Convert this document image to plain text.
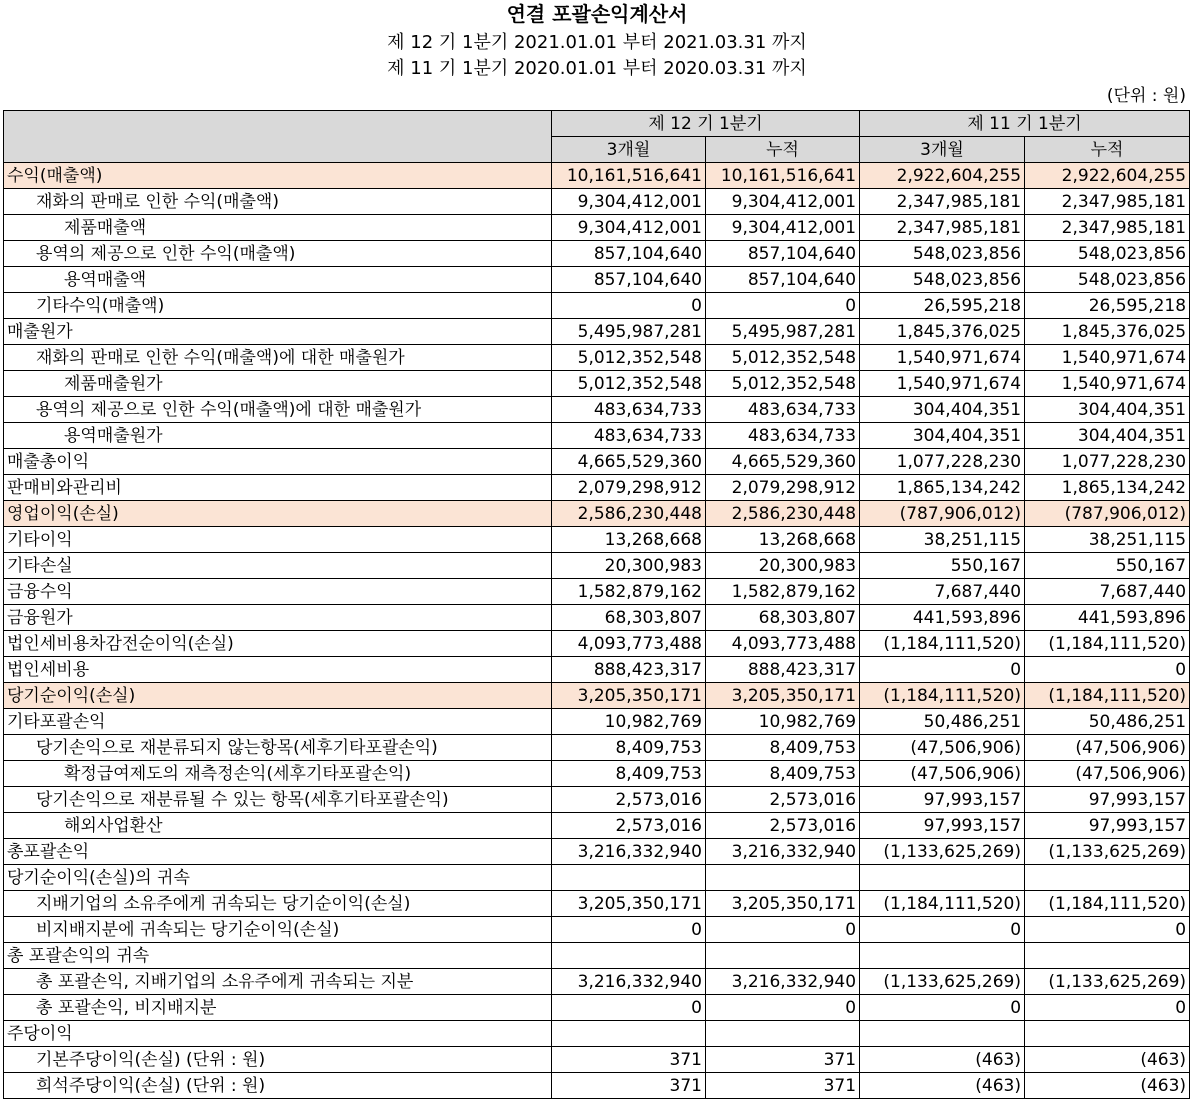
연결 포괄손익계산서
제 12 기 1분기 2021.01.01 부터 2021.03.31 까지
제 11 기 1분기 2020.01.01 부터 2020.03.31 까지
(단위 : 원)
	제 12 기 1분기		제 11 기 1분기	
	3개월	누적	3개월	누적
수익(매출액)	10,161,516,641	10,161,516,641	2,922,604,255	2,922,604,255
재화의 판매로 인한 수익(매출액)	9,304,412,001	9,304,412,001	2,347,985,181	2,347,985,181
제품매출액	9,304,412,001	9,304,412,001	2,347,985,181	2,347,985,181
용역의 제공으로 인한 수익(매출액)	857,104,640	857,104,640	548,023,856	548,023,856
용역매출액	857,104,640	857,104,640	548,023,856	548,023,856
기타수익(매출액)	0	0	26,595,218	26,595,218
매출원가	5,495,987,281	5,495,987,281	1,845,376,025	1,845,376,025
재화의 판매로 인한 수익(매출액)에 대한 매출원가	5,012,352,548	5,012,352,548	1,540,971,674	1,540,971,674
제품매출원가	5,012,352,548	5,012,352,548	1,540,971,674	1,540,971,674
용역의 제공으로 인한 수익(매출액)에 대한 매출원가	483,634,733	483,634,733	304,404,351	304,404,351
용역매출원가	483,634,733	483,634,733	304,404,351	304,404,351
매출총이익	4,665,529,360	4,665,529,360	1,077,228,230	1,077,228,230
판매비와관리비	2,079,298,912	2,079,298,912	1,865,134,242	1,865,134,242
영업이익(손실)	2,586,230,448	2,586,230,448	(787,906,012)	(787,906,012)
기타이익	13,268,668	13,268,668	38,251,115	38,251,115
기타손실	20,300,983	20,300,983	550,167	550,167
금융수익	1,582,879,162	1,582,879,162	7,687,440	7,687,440
금융원가	68,303,807	68,303,807	441,593,896	441,593,896
법인세비용차감전순이익(손실)	4,093,773,488	4,093,773,488	(1,184,111,520)	(1,184,111,520)
법인세비용	888,423,317	888,423,317	0	0
당기순이익(손실)	3,205,350,171	3,205,350,171	(1,184,111,520)	(1,184,111,520)
기타포괄손익	10,982,769	10,982,769	50,486,251	50,486,251
당기손익으로 재분류되지 않는항목(세후기타포괄손익)	8,409,753	8,409,753	(47,506,906)	(47,506,906)
확정급여제도의 재측정손익(세후기타포괄손익)	8,409,753	8,409,753	(47,506,906)	(47,506,906)
당기손익으로 재분류될 수 있는 항목(세후기타포괄손익)	2,573,016	2,573,016	97,993,157	97,993,157
해외사업환산	2,573,016	2,573,016	97,993,157	97,993,157
총포괄손익	3,216,332,940	3,216,332,940	(1,133,625,269)	(1,133,625,269)
당기순이익(손실)의 귀속				
지배기업의 소유주에게 귀속되는 당기순이익(손실)	3,205,350,171	3,205,350,171	(1,184,111,520)	(1,184,111,520)
비지배지분에 귀속되는 당기순이익(손실)	0	0	0	0
총 포괄손익의 귀속				
총 포괄손익, 지배기업의 소유주에게 귀속되는 지분	3,216,332,940	3,216,332,940	(1,133,625,269)	(1,133,625,269)
총 포괄손익, 비지배지분	0	0	0	0
주당이익				
기본주당이익(손실) (단위 : 원)	371	371	(463)	(463)
희석주당이익(손실) (단위 : 원)	371	371	(463)	(463)
